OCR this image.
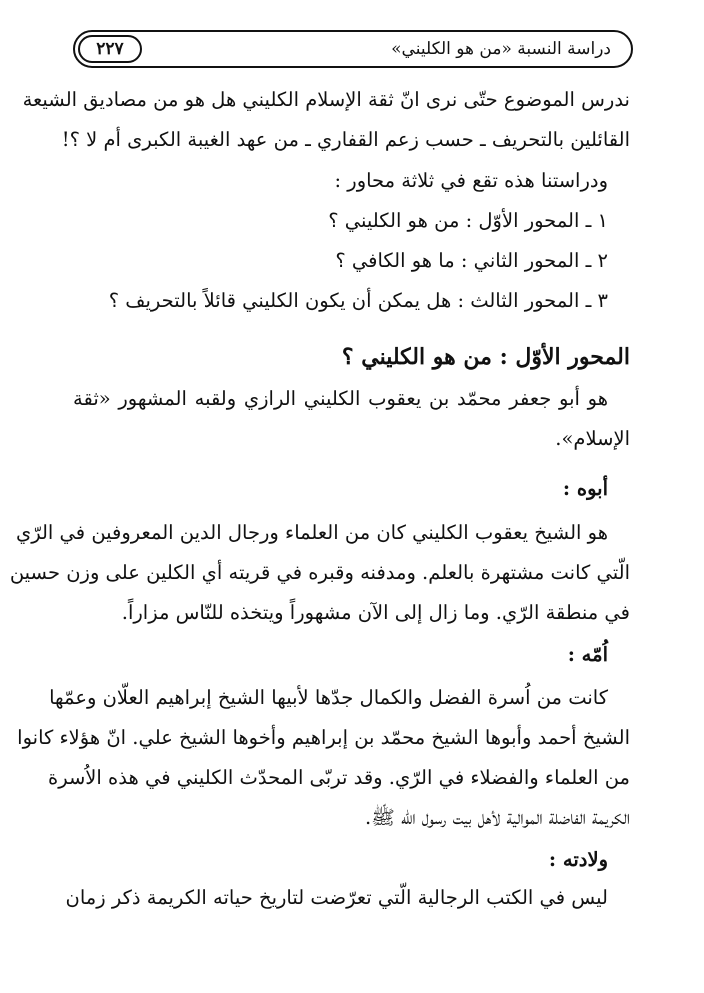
دراسة النسبة «من هو الكليني»
٢٢٧
ندرس الموضوع حتّى نرى انّ ثقة الإسلام الكليني هل هو من مصاديق الشيعة
القائلين بالتحريف ـ حسب زعم القفاري ـ من عهد الغيبة الكبرى أم لا ؟!
ودراستنا هذه تقع في ثلاثة محاور :
١ ـ المحور الأوّل : من هو الكليني ؟
٢ ـ المحور الثاني : ما هو الكافي ؟
٣ ـ المحور الثالث : هل يمكن أن يكون الكليني قائلاً بالتحريف ؟
المحور الأوّل : من هو الكليني ؟
هو أبو جعفر محمّد بن يعقوب الكليني الرازي ولقبه المشهور «ثقة
الإسلام».
أبوه :
هو الشيخ يعقوب الكليني كان من العلماء ورجال الدين المعروفين في الرّي
الّتي كانت مشتهرة بالعلم. ومدفنه وقبره في قريته أي الكلين على وزن حسين
في منطقة الرّي. وما زال إلى الآن مشهوراً ويتخذه للنّاس مزاراً.
اُمّه :
كانت من اُسرة الفضل والكمال جدّها لأبيها الشيخ إبراهيم العلّان وعمّها
الشيخ أحمد وأبوها الشيخ محمّد بن إبراهيم وأخوها الشيخ علي. انّ هؤلاء كانوا
من العلماء والفضلاء في الرّي. وقد تربّى المحدّث الكليني في هذه الاُسرة
الكريمة الفاضلة الموالية لأهل بيت رسول الله ﷺ.
ولادته :
ليس في الكتب الرجالية الّتي تعرّضت لتاريخ حياته الكريمة ذكر زمان
